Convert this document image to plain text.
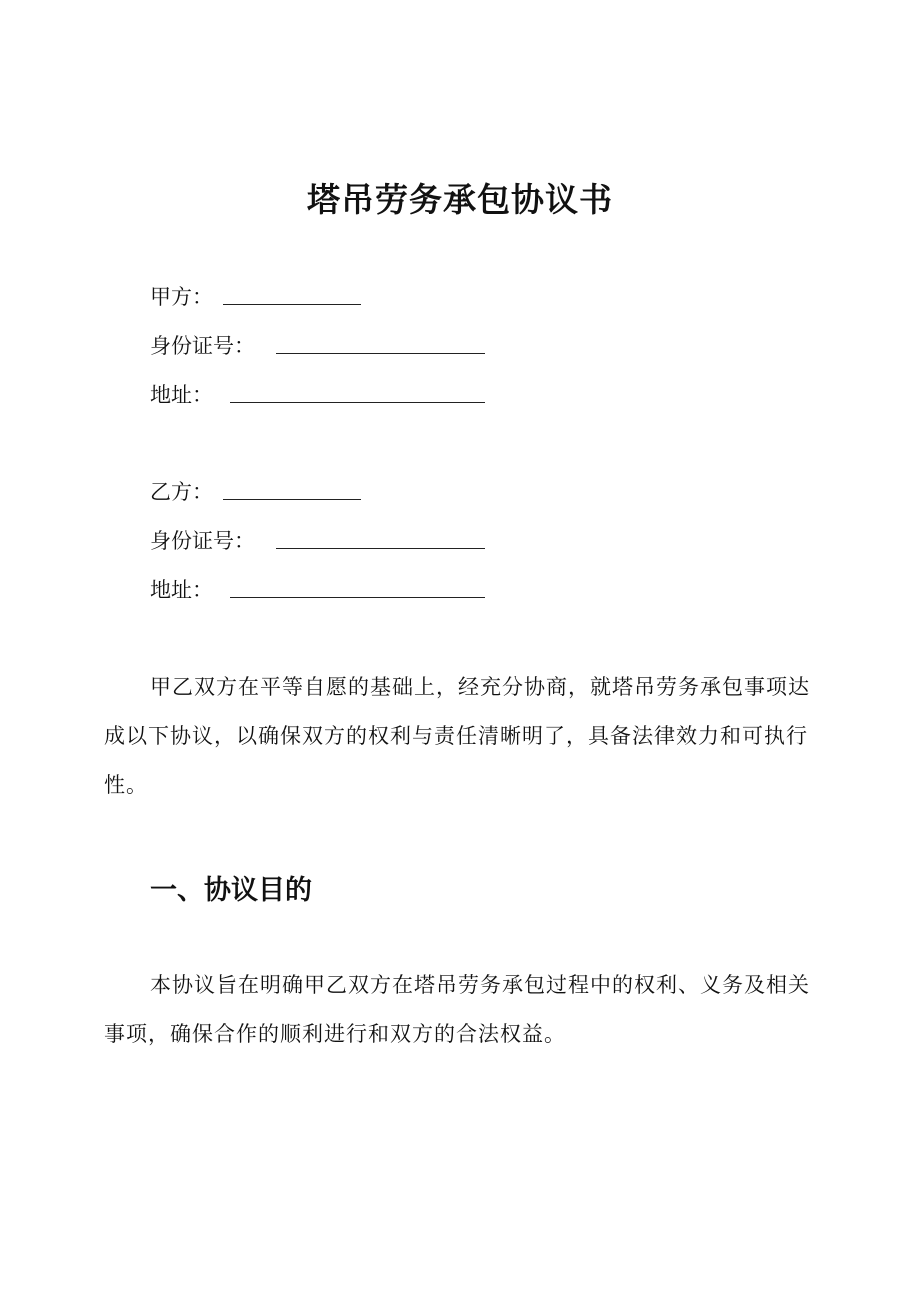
塔吊劳务承包协议书
甲方：
身份证号：
地址：
乙方：
身份证号：
地址：

甲乙双方在平等自愿的基础上，经充分协商，就塔吊劳务承包事项达成以下协议，以确保双方的权利与责任清晰明了，具备法律效力和可执行性。

一、协议目的

本协议旨在明确甲乙双方在塔吊劳务承包过程中的权利、义务及相关事项，确保合作的顺利进行和双方的合法权益。
